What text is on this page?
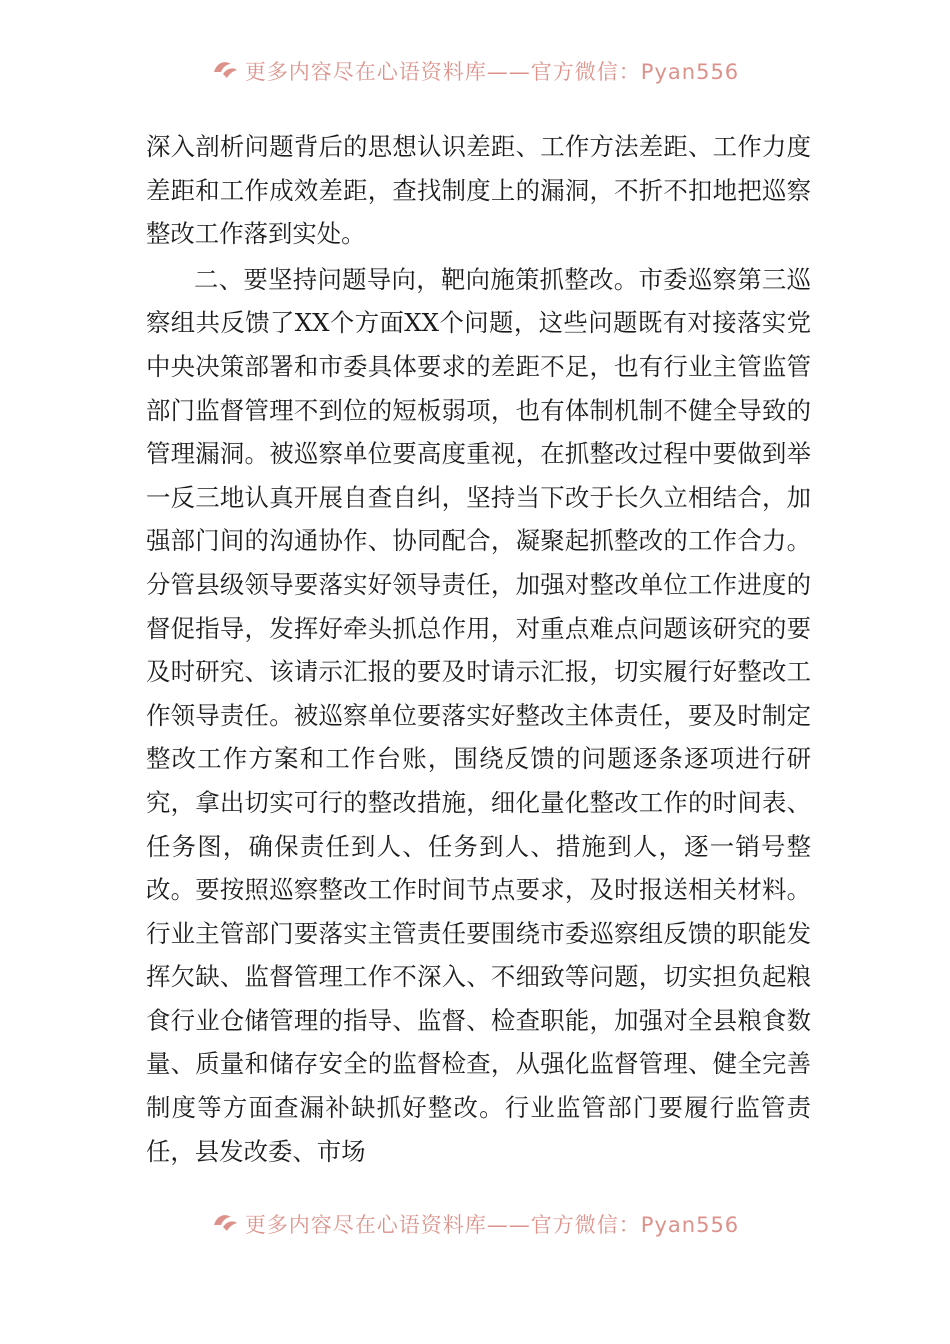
更多内容尽在心语资料库——官方微信：Pyan556

深入剖析问题背后的思想认识差距、工作方法差距、工作力度差距和工作成效差距，查找制度上的漏洞，不折不扣地把巡察整改工作落到实处。

二、要坚持问题导向，靶向施策抓整改。市委巡察第三巡察组共反馈了XX个方面XX个问题，这些问题既有对接落实党中央决策部署和市委具体要求的差距不足，也有行业主管监管部门监督管理不到位的短板弱项，也有体制机制不健全导致的管理漏洞。被巡察单位要高度重视，在抓整改过程中要做到举一反三地认真开展自查自纠，坚持当下改于长久立相结合，加强部门间的沟通协作、协同配合，凝聚起抓整改的工作合力。分管县级领导要落实好领导责任，加强对整改单位工作进度的督促指导，发挥好牵头抓总作用，对重点难点问题该研究的要及时研究、该请示汇报的要及时请示汇报，切实履行好整改工作领导责任。被巡察单位要落实好整改主体责任，要及时制定整改工作方案和工作台账，围绕反馈的问题逐条逐项进行研究，拿出切实可行的整改措施，细化量化整改工作的时间表、任务图，确保责任到人、任务到人、措施到人，逐一销号整改。要按照巡察整改工作时间节点要求，及时报送相关材料。行业主管部门要落实主管责任要围绕市委巡察组反馈的职能发挥欠缺、监督管理工作不深入、不细致等问题，切实担负起粮食行业仓储管理的指导、监督、检查职能，加强对全县粮食数量、质量和储存安全的监督检查，从强化监督管理、健全完善制度等方面查漏补缺抓好整改。行业监管部门要履行监管责任，县发改委、市场

更多内容尽在心语资料库——官方微信：Pyan556
